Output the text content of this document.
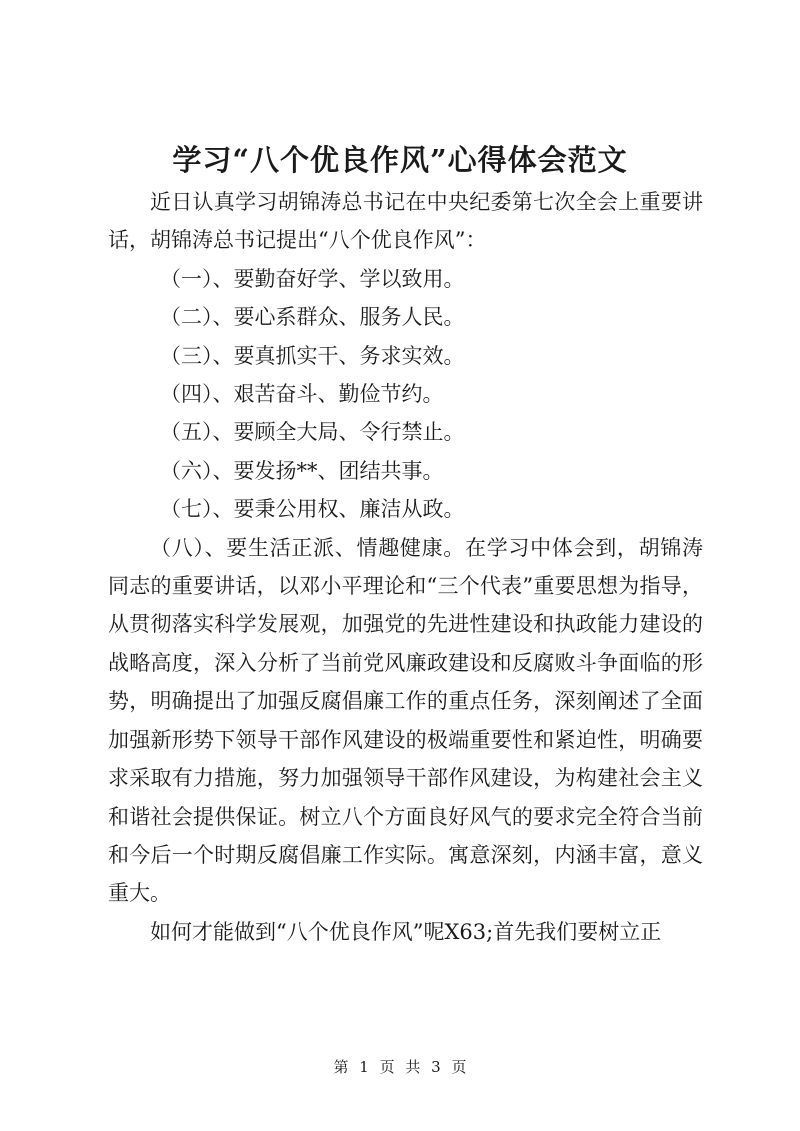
学习“八个优良作风”心得体会范文

近日认真学习胡锦涛总书记在中央纪委第七次全会上重要讲话，胡锦涛总书记提出“八个优良作风”：

（一）、要勤奋好学、学以致用。

（二）、要心系群众、服务人民。

（三）、要真抓实干、务求实效。

（四）、艰苦奋斗、勤俭节约。

（五）、要顾全大局、令行禁止。

（六）、要发扬**、团结共事。

（七）、要秉公用权、廉洁从政。

（八）、要生活正派、情趣健康。在学习中体会到，胡锦涛同志的重要讲话，以邓小平理论和“三个代表”重要思想为指导，从贯彻落实科学发展观，加强党的先进性建设和执政能力建设的战略高度，深入分析了当前党风廉政建设和反腐败斗争面临的形势，明确提出了加强反腐倡廉工作的重点任务，深刻阐述了全面加强新形势下领导干部作风建设的极端重要性和紧迫性，明确要求采取有力措施，努力加强领导干部作风建设，为构建社会主义和谐社会提供保证。树立八个方面良好风气的要求完全符合当前和今后一个时期反腐倡廉工作实际。寓意深刻，内涵丰富，意义重大。

如何才能做到“八个优良作风”呢X63;首先我们要树立正

第 1 页 共 3 页
